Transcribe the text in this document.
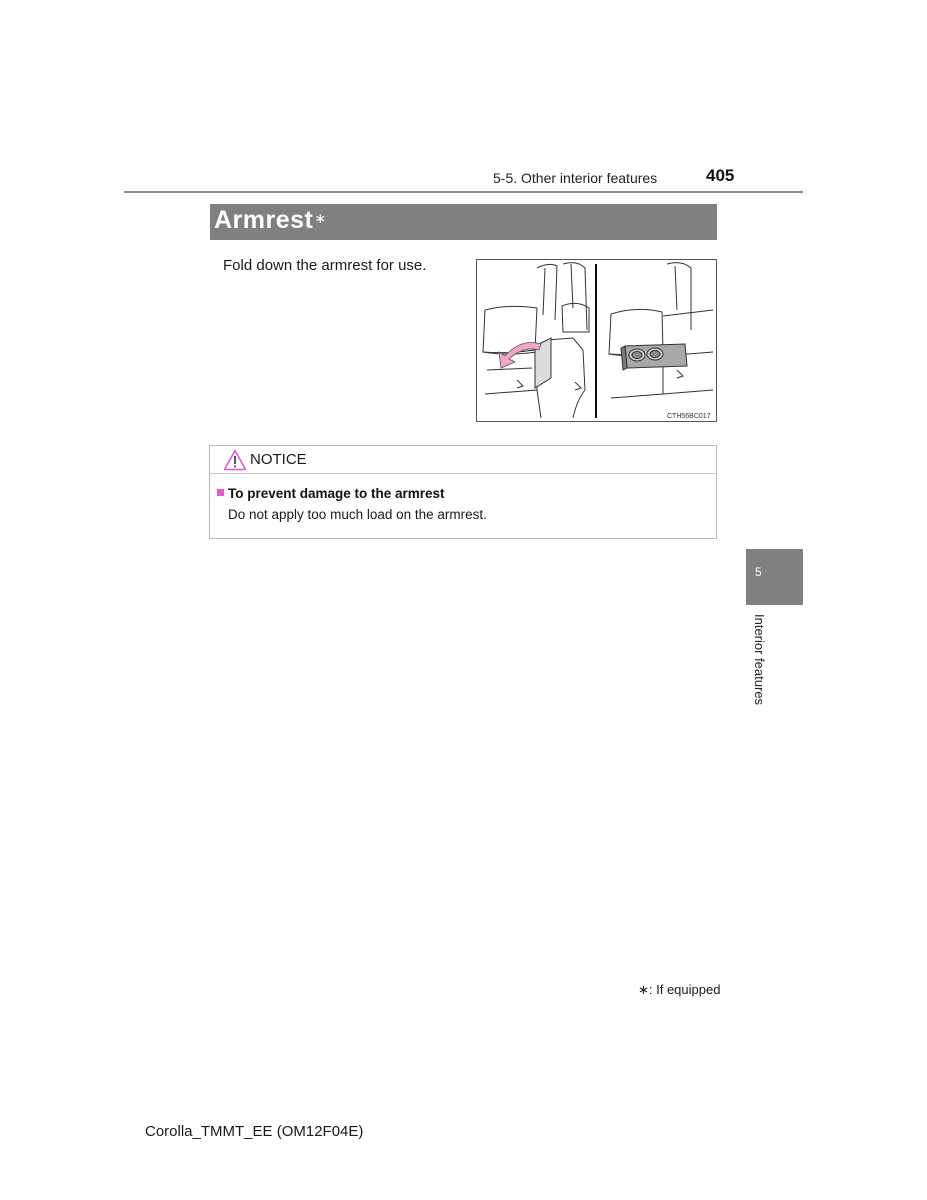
5-5. Other interior features	405
Armrest∗
Fold down the armrest for use.
CTH56BC017
NOTICE
To prevent damage to the armrest
Do not apply too much load on the armrest.
5
Interior features
∗: If equipped
Corolla_TMMT_EE (OM12F04E)
